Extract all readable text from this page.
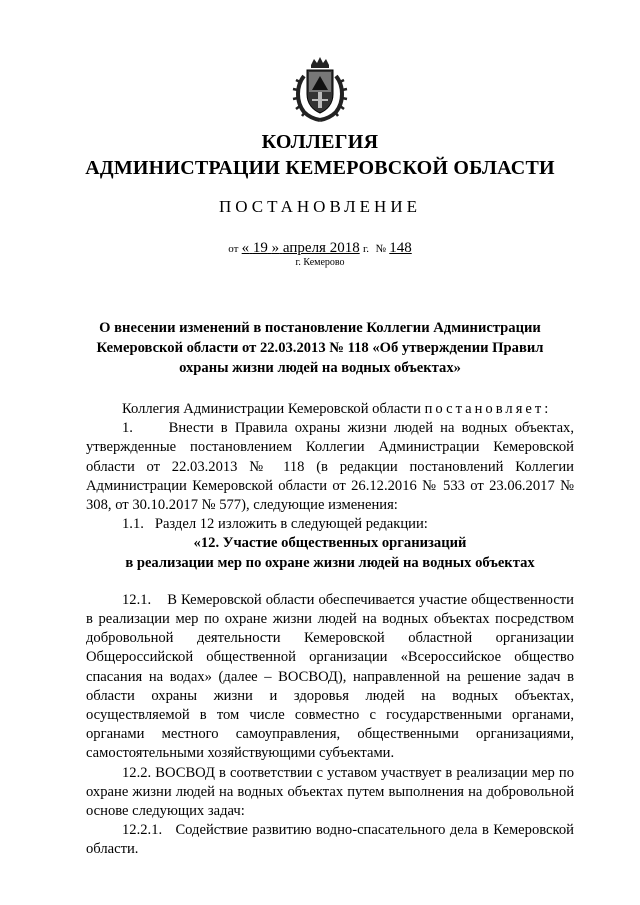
КОЛЛЕГИЯ
АДМИНИСТРАЦИИ КЕМЕРОВСКОЙ ОБЛАСТИ
ПОСТАНОВЛЕНИЕ
от « 19 » апреля 2018 г. № 148
г. Кемерово
О внесении изменений в постановление Коллегии Администрации
Кемеровской области от 22.03.2013 № 118 «Об утверждении Правил
охраны жизни людей на водных объектах»

Коллегия Администрации Кемеровской области постановляет:

1.     Внести в Правила охраны жизни людей на водных объектах, утвержденные постановлением Коллегии Администрации Кемеровской области от 22.03.2013 № 118 (в редакции постановлений Коллегии Администрации Кемеровской области от 26.12.2016 № 533 от 23.06.2017 № 308, от 30.10.2017 № 577), следующие изменения:

1.1.   Раздел 12 изложить в следующей редакции:

«12. Участие общественных организаций

в реализации мер по охране жизни людей на водных объектах

12.1.    В Кемеровской области обеспечивается участие общественности в реализации мер по охране жизни людей на водных объектах посредством добровольной деятельности Кемеровской областной организации Общероссийской общественной организации «Всероссийское общество спасания на водах» (далее – ВОСВОД), направленной на решение задач в области охраны жизни и здоровья людей на водных объектах, осуществляемой в том числе совместно с государственными органами, органами местного самоуправления, общественными организациями, самостоятельными хозяйствующими субъектами.

12.2. ВОСВОД в соответствии с уставом участвует в реализации мер по охране жизни людей на водных объектах путем выполнения на добровольной основе следующих задач:

12.2.1.   Содействие развитию водно-спасательного дела в Кемеровской области.
